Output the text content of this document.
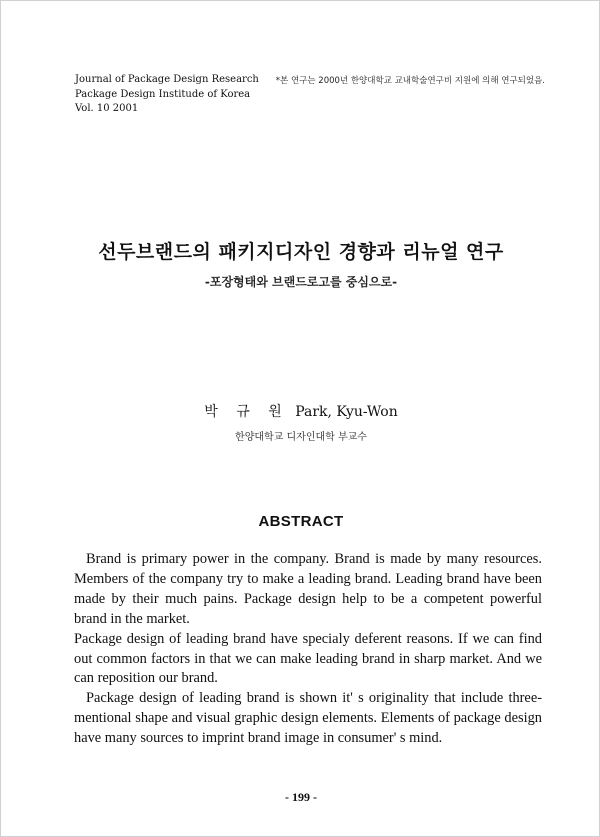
Journal of Package Design Research
Package Design Institude of Korea
Vol. 10 2001
*본 연구는 2000년 한양대학교 교내학술연구비 지원에 의해 연구되었음.
선두브랜드의 패키지디자인 경향과 리뉴얼 연구
-포장형태와 브랜드로고를 중심으로-
박 규 원 Park, Kyu-Won
한양대학교 디자인대학 부교수
ABSTRACT

Brand is primary power in the company. Brand is made by many resources. Members of the company try to make a leading brand. Leading brand have been made by their much pains. Package design help to be a competent powerful brand in the market.

Package design of leading brand have specialy deferent reasons. If we can find out common factors in that we can make leading brand in sharp market. And we can reposition our brand.

Package design of leading brand is shown it' s originality that include three-mentional shape and visual graphic design elements. Elements of package design have many sources to imprint brand image in consumer' s mind.

- 199 -
